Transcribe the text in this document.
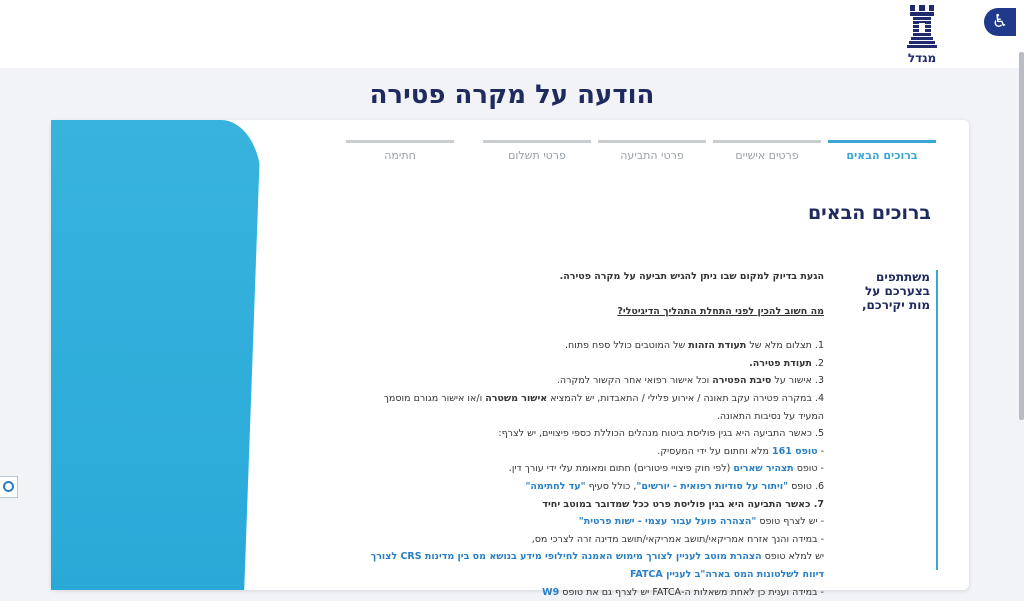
מגדל
♿
הודעה על מקרה פטירה
ברוכים הבאים
פרטים אישיים
פרטי התביעה
פרטי תשלום
חתימה
ברוכים הבאים
משתתפים בצערכם על מות יקירכם,

הגעת בדיוק למקום שבו ניתן להגיש תביעה על מקרה פטירה.

מה חשוב להכין לפני התחלת התהליך הדיגיטלי?

1. תצלום מלא של תעודת הזהות של המוטבים כולל ספח פתוח.

2. תעודת פטירה.

3. אישור על סיבת הפטירה וכל אישור רפואי אחר הקשור למקרה.

4. במקרה פטירה עקב תאונה / אירוע פלילי / התאבדות, יש להמציא אישור משטרה ו/או אישור מגורם מוסמך

המעיד על נסיבות התאונה.

5. כאשר התביעה היא בגין פוליסת ביטוח מנהלים הכוללת כספי פיצויים, יש לצרף:

- טופס 161 מלא וחתום על ידי המעסיק.

- טופס תצהיר שארים (לפי חוק פיצויי פיטורים) חתום ומאומת עלי ידי עורך דין.

6. טופס "ויתור על סודיות רפואית - יורשים", כולל סעיף "עד לחתימה"

7. כאשר התביעה היא בגין פוליסת פרט ככל שמדובר במוטב יחיד

- יש לצרף טופס "הצהרה פועל עבור עצמי - ישות פרטית"

- במידה והנך אזרח אמריקאי/תושב אמריקאי/תושב מדינה זרה לצרכי מס,

יש למלא טופס הצהרת מוטב לעניין לצורך מימוש האמנה לחילופי מידע בנושא מס בין מדינות CRS לצורך

דיווח לשלטונות המס בארה"ב לעניין FATCA

- במידה וענית כן לאחת משאלות ה-FATCA יש לצרף גם את טופס W9
